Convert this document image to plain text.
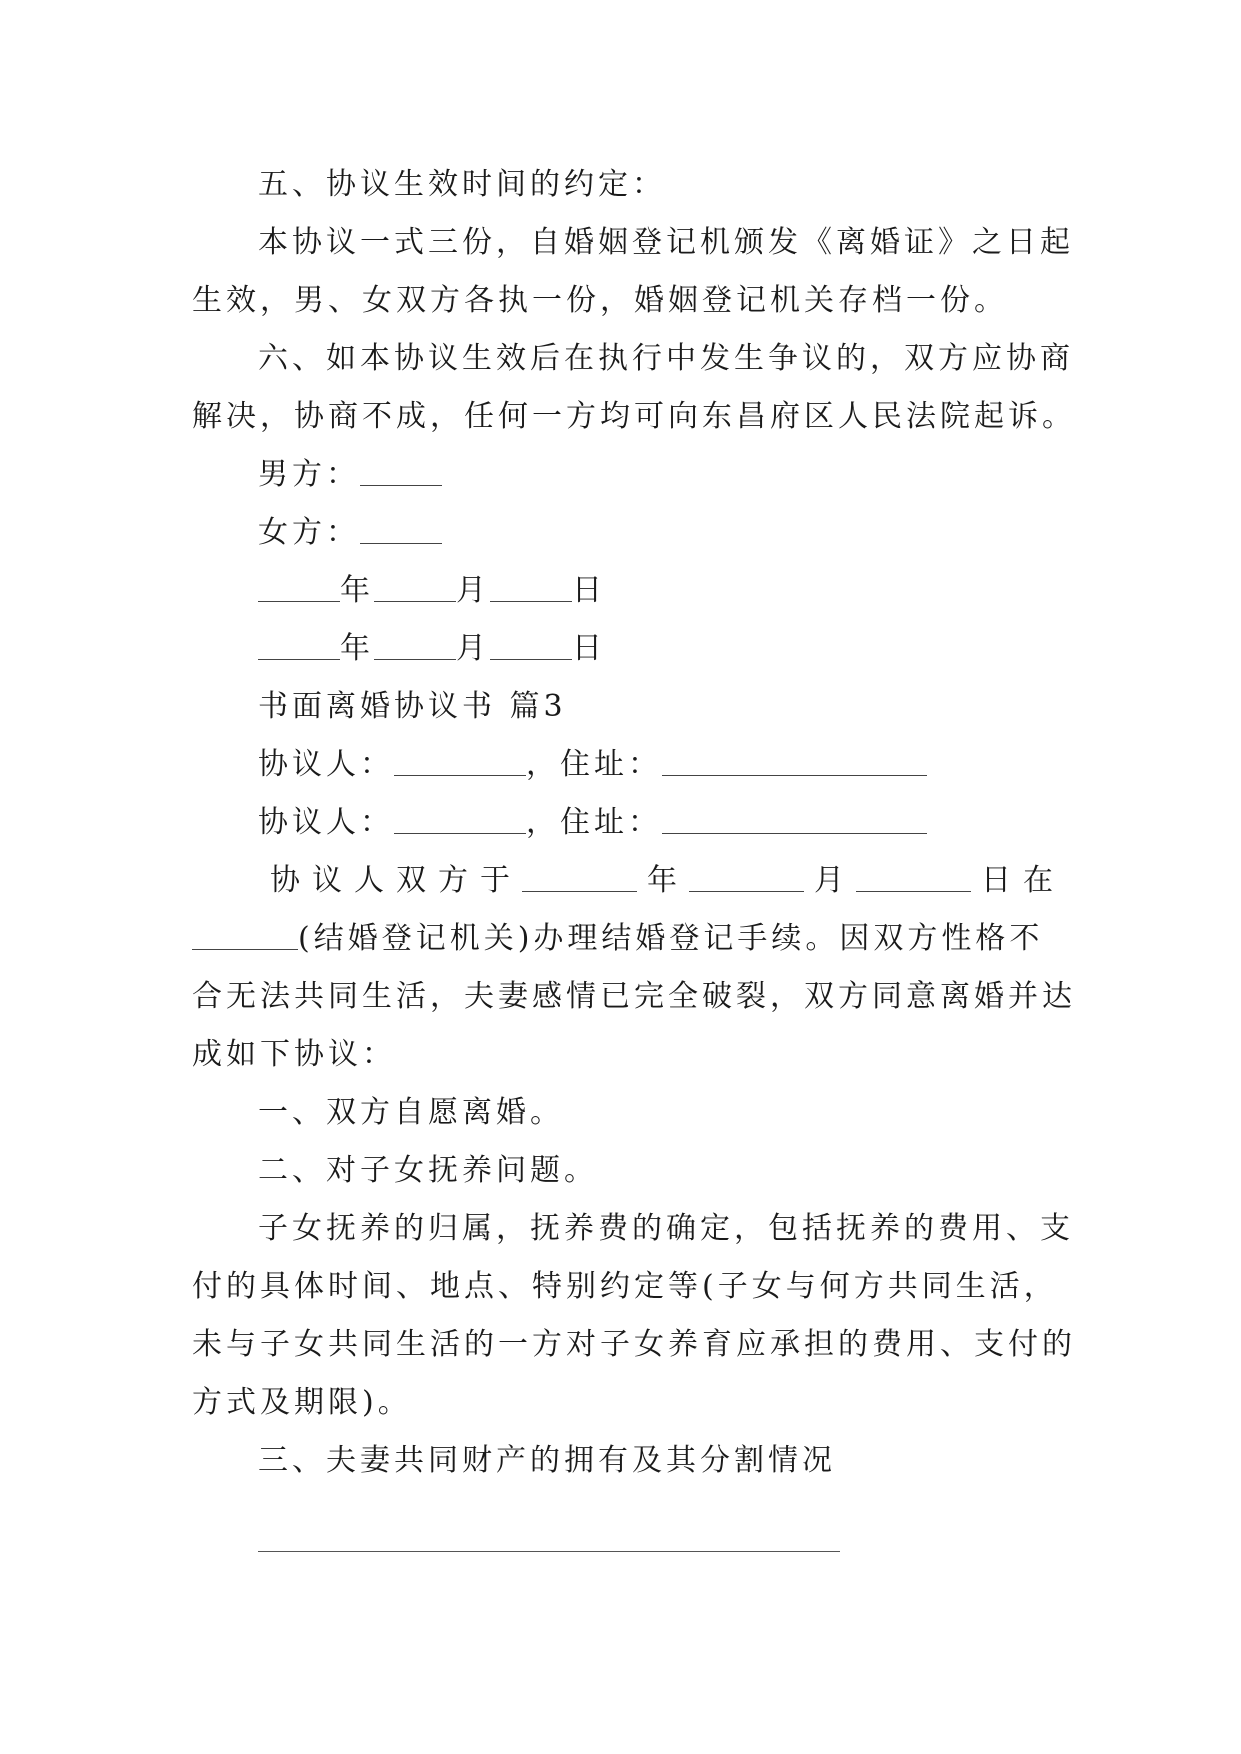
五、协议生效时间的约定：
本协议一式三份，自婚姻登记机颁发《离婚证》之日起
生效，男、女双方各执一份，婚姻登记机关存档一份。
六、如本协议生效后在执行中发生争议的，双方应协商
解决，协商不成，任何一方均可向东昌府区人民法院起诉。
男方：
女方：
年	月	日
年	月	日
书面离婚协议书 篇3
协议人：	，住址：
协议人：	，住址：
协议人双方于	年	月	日在
(结婚登记机关)办理结婚登记手续。因双方性格不
合无法共同生活，夫妻感情已完全破裂，双方同意离婚并达
成如下协议：
一、双方自愿离婚。
二、对子女抚养问题。
子女抚养的归属，抚养费的确定，包括抚养的费用、支
付的具体时间、地点、特别约定等(子女与何方共同生活，
未与子女共同生活的一方对子女养育应承担的费用、支付的
方式及期限)。
三、夫妻共同财产的拥有及其分割情况
